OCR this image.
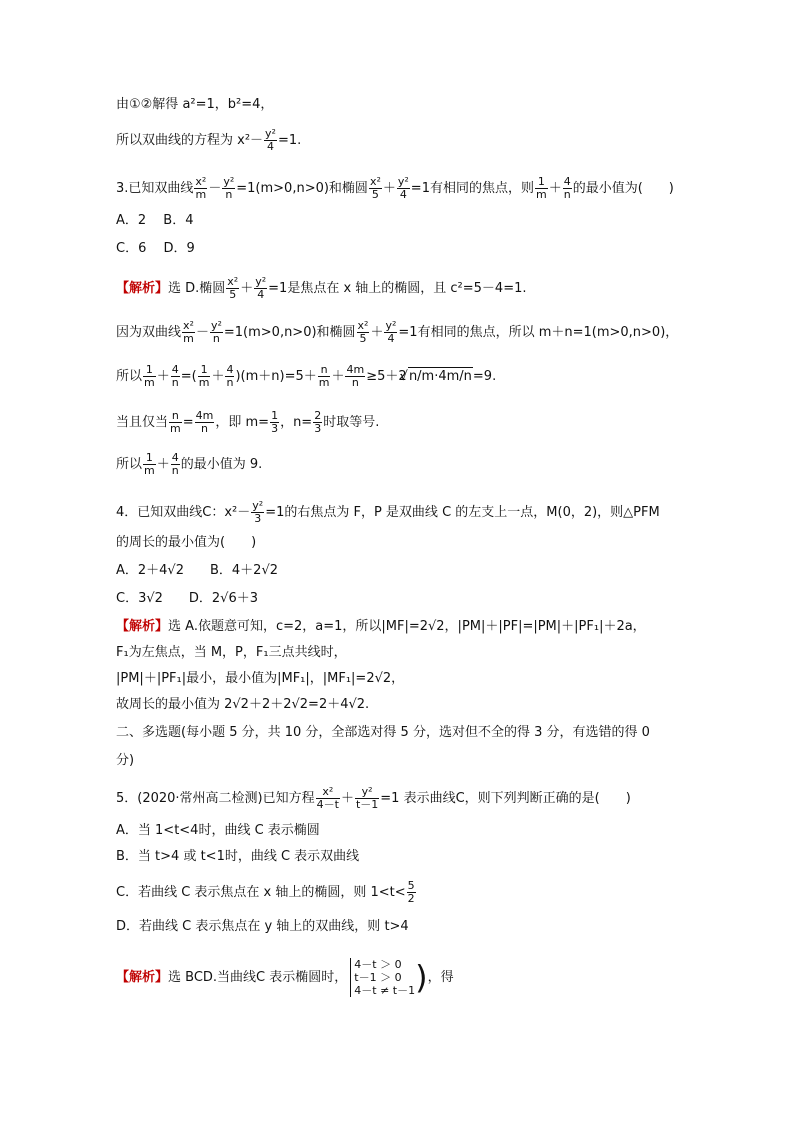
由①②解得 a²=1，b²=4，
所以双曲线的方程为 $x^2- \frac{\text{y²}}{4} =1$.
3.已知双曲线 $\frac{\text{x²}}{m} - \frac{\text{y²}}{n} =1(m>0,n>0)$和椭圆 $\frac{\text{x²}}{5} + \frac{\text{y²}}{4} =1$有相同的焦点，则 $\frac{1}{m} + \frac{4}{n}$ 的最小值为(　　)
A．2　 B．4
C．6　 D．9
【解析】选 D.椭圆 $\frac{\text{x²}}{5} + \frac{\text{y²}}{4} =1$是焦点在 x 轴上的椭圆，且 c²=5－4=1.
因为双曲线 $\frac{\text{x²}}{m} - \frac{\text{y²}}{n} =1(m>0,n>0)$和椭圆 $\frac{\text{x²}}{5} + \frac{\text{y²}}{4} =1$有相同的焦点，所以 m＋n=1(m>0,n>0)，
所以 $\frac{1}{m} + \frac{4}{n}$ =( $\frac{1}{m} + \frac{4}{n} )(m+n)=5+ \frac{n}{m} + \frac{4m}{n} \ge 5+2√$ n/m·4m/n=9.
当且仅当 $\frac{n}{m} = \frac{4m}{n}$ ，即 $m= \frac{1}{3}$ ，$n= \frac{2}{3}$ 时取等号.
所以 $\frac{1}{m} + \frac{4}{n}$ 的最小值为 9.
4．已知双曲线C：$x^2- \frac{\text{y²}}{3} =1$的右焦点为 F，P 是双曲线 C 的左支上一点，M(0，2)，则△PFM
的周长的最小值为(　　)
A．2＋4√2　　B．4＋2√2
C．3√2　　D．2√6＋3
【解析】选 A.依题意可知，c=2，a=1，所以|MF|=2√2，|PM|＋|PF|=|PM|＋|PF₁|＋2a，
F₁为左焦点，当 M，P，F₁三点共线时，
|PM|＋|PF₁|最小，最小值为|MF₁|，|MF₁|=2√2，
故周长的最小值为 2√2＋2＋2√2=2＋4√2.
二、多选题(每小题 5 分，共 10 分，全部选对得 5 分，选对但不全的得 3 分，有选错的得 0
分)
5．(2020·常州高二检测)已知方程 $\frac{\text{x²}}{4-t} + \frac{\text{y²}}{t-1} =1$ 表示曲线C，则下列判断正确的是(　　)
A．当 1<t<4时，曲线 C 表示椭圆
B．当 t>4 或 t<1时，曲线 C 表示双曲线
C．若曲线 C 表示焦点在 x 轴上的椭圆，则 $1<t< \frac{5}{2}$
D．若曲线 C 表示焦点在 y 轴上的双曲线，则 t>4
【解析】选 BCD.当曲线C 表示椭圆时，
4－t ＞ 0
t－1 ＞ 0
4－t ≠ t－1 )，得
